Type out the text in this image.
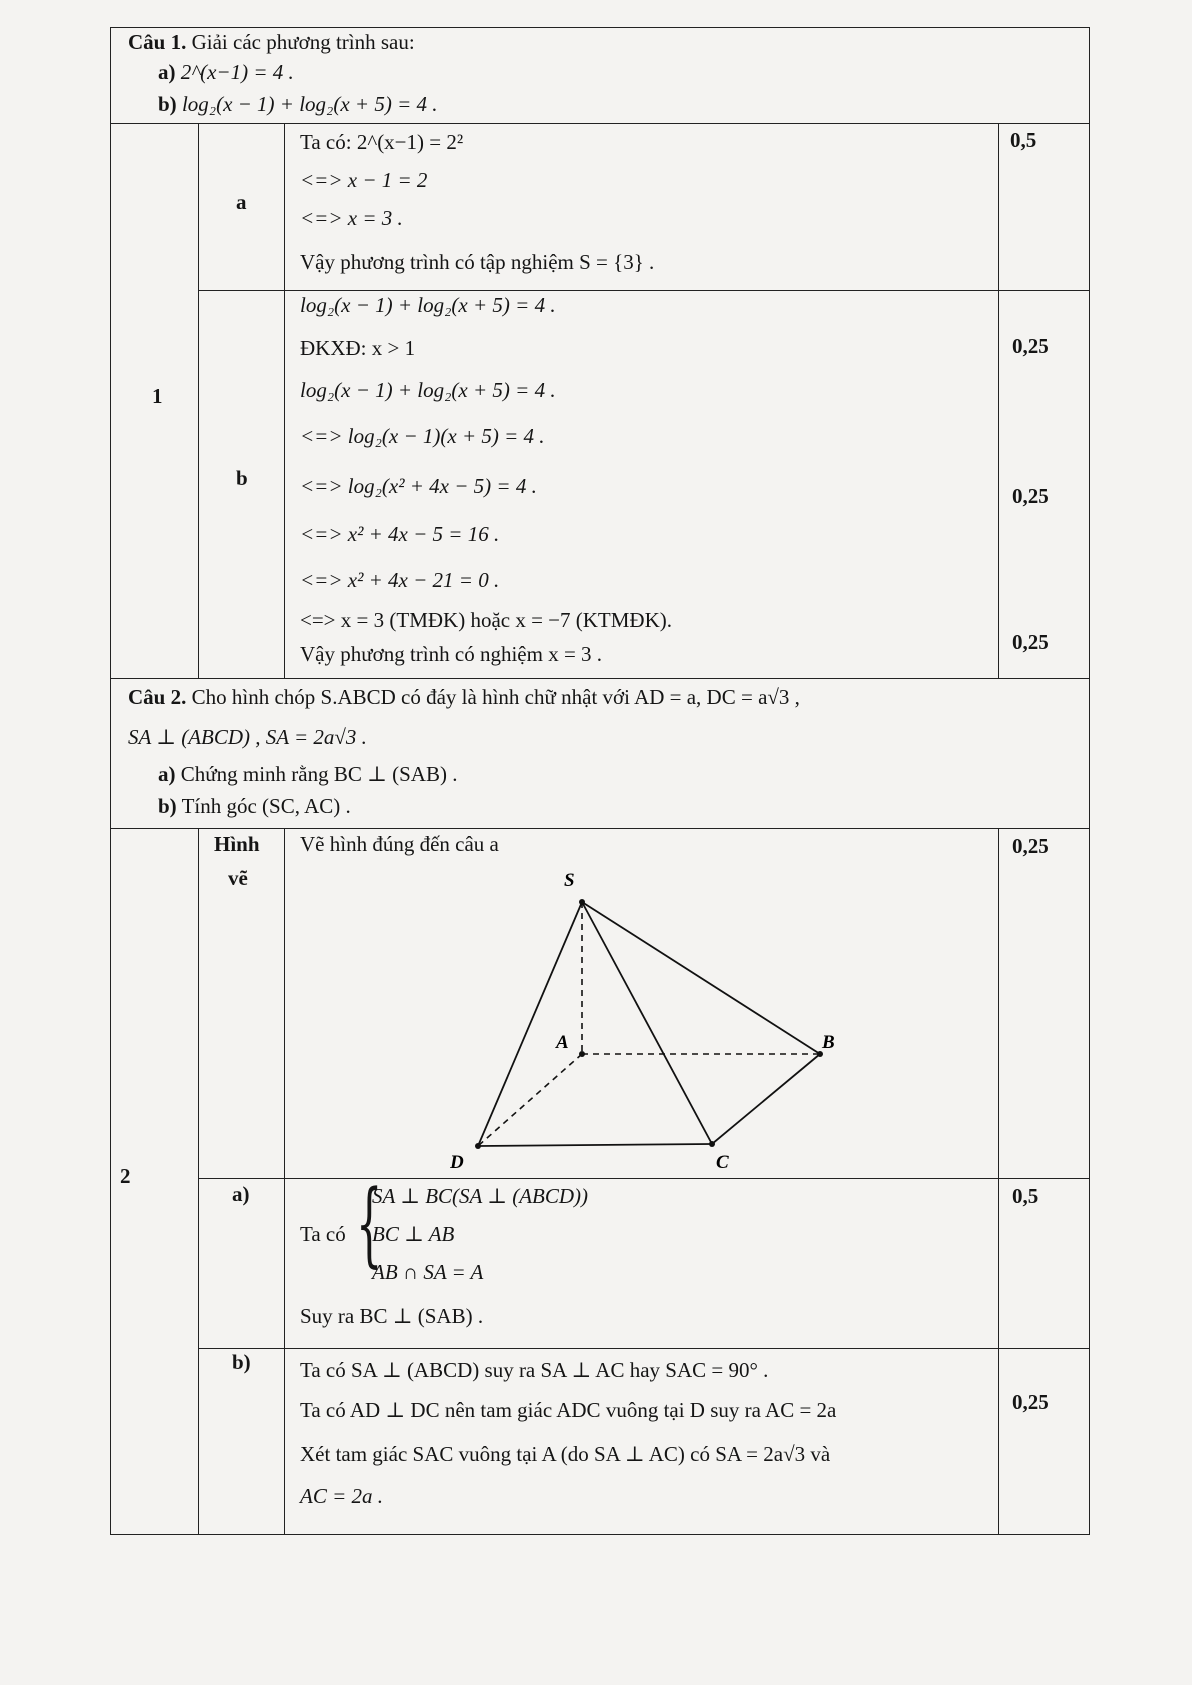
Câu 1. Giải các phương trình sau:
a) 2^(x−1) = 4 .
b) log₂(x − 1) + log₂(x + 5) = 4 .
1
a
Ta có: 2^(x−1) = 2²
<=> x − 1 = 2
<=> x = 3 .
Vậy phương trình có tập nghiệm S = {3} .
0,5
b
log₂(x − 1) + log₂(x + 5) = 4 .
ĐKXĐ: x > 1
log₂(x − 1) + log₂(x + 5) = 4 .
<=> log₂(x − 1)(x + 5) = 4 .
<=> log₂(x² + 4x − 5) = 4 .
<=> x² + 4x − 5 = 16 .
<=> x² + 4x − 21 = 0 .
<=> x = 3 (TMĐK) hoặc x = −7 (KTMĐK).
Vậy phương trình có nghiệm x = 3 .
0,25
0,25
0,25
Câu 2. Cho hình chóp S.ABCD có đáy là hình chữ nhật với AD = a, DC = a√3 ,
SA ⊥ (ABCD) , SA = 2a√3 .
a) Chứng minh rằng BC ⊥ (SAB) .
b) Tính góc (SC, AC) .
2
Hình
vẽ
Vẽ hình đúng đến câu a	0,25
S
A	B
C
D
a)
Ta có {
SA ⊥ BC(SA ⊥ (ABCD))
BC ⊥ AB
AB ∩ SA = A
Suy ra BC ⊥ (SAB) .
0,5
b) Ta có SA ⊥ (ABCD) suy ra SA ⊥ AC hay SAC = 90° .
Ta có AD ⊥ DC nên tam giác ADC vuông tại D suy ra AC = 2a
Xét tam giác SAC vuông tại A (do SA ⊥ AC) có SA = 2a√3 và
AC = 2a .
0,25
